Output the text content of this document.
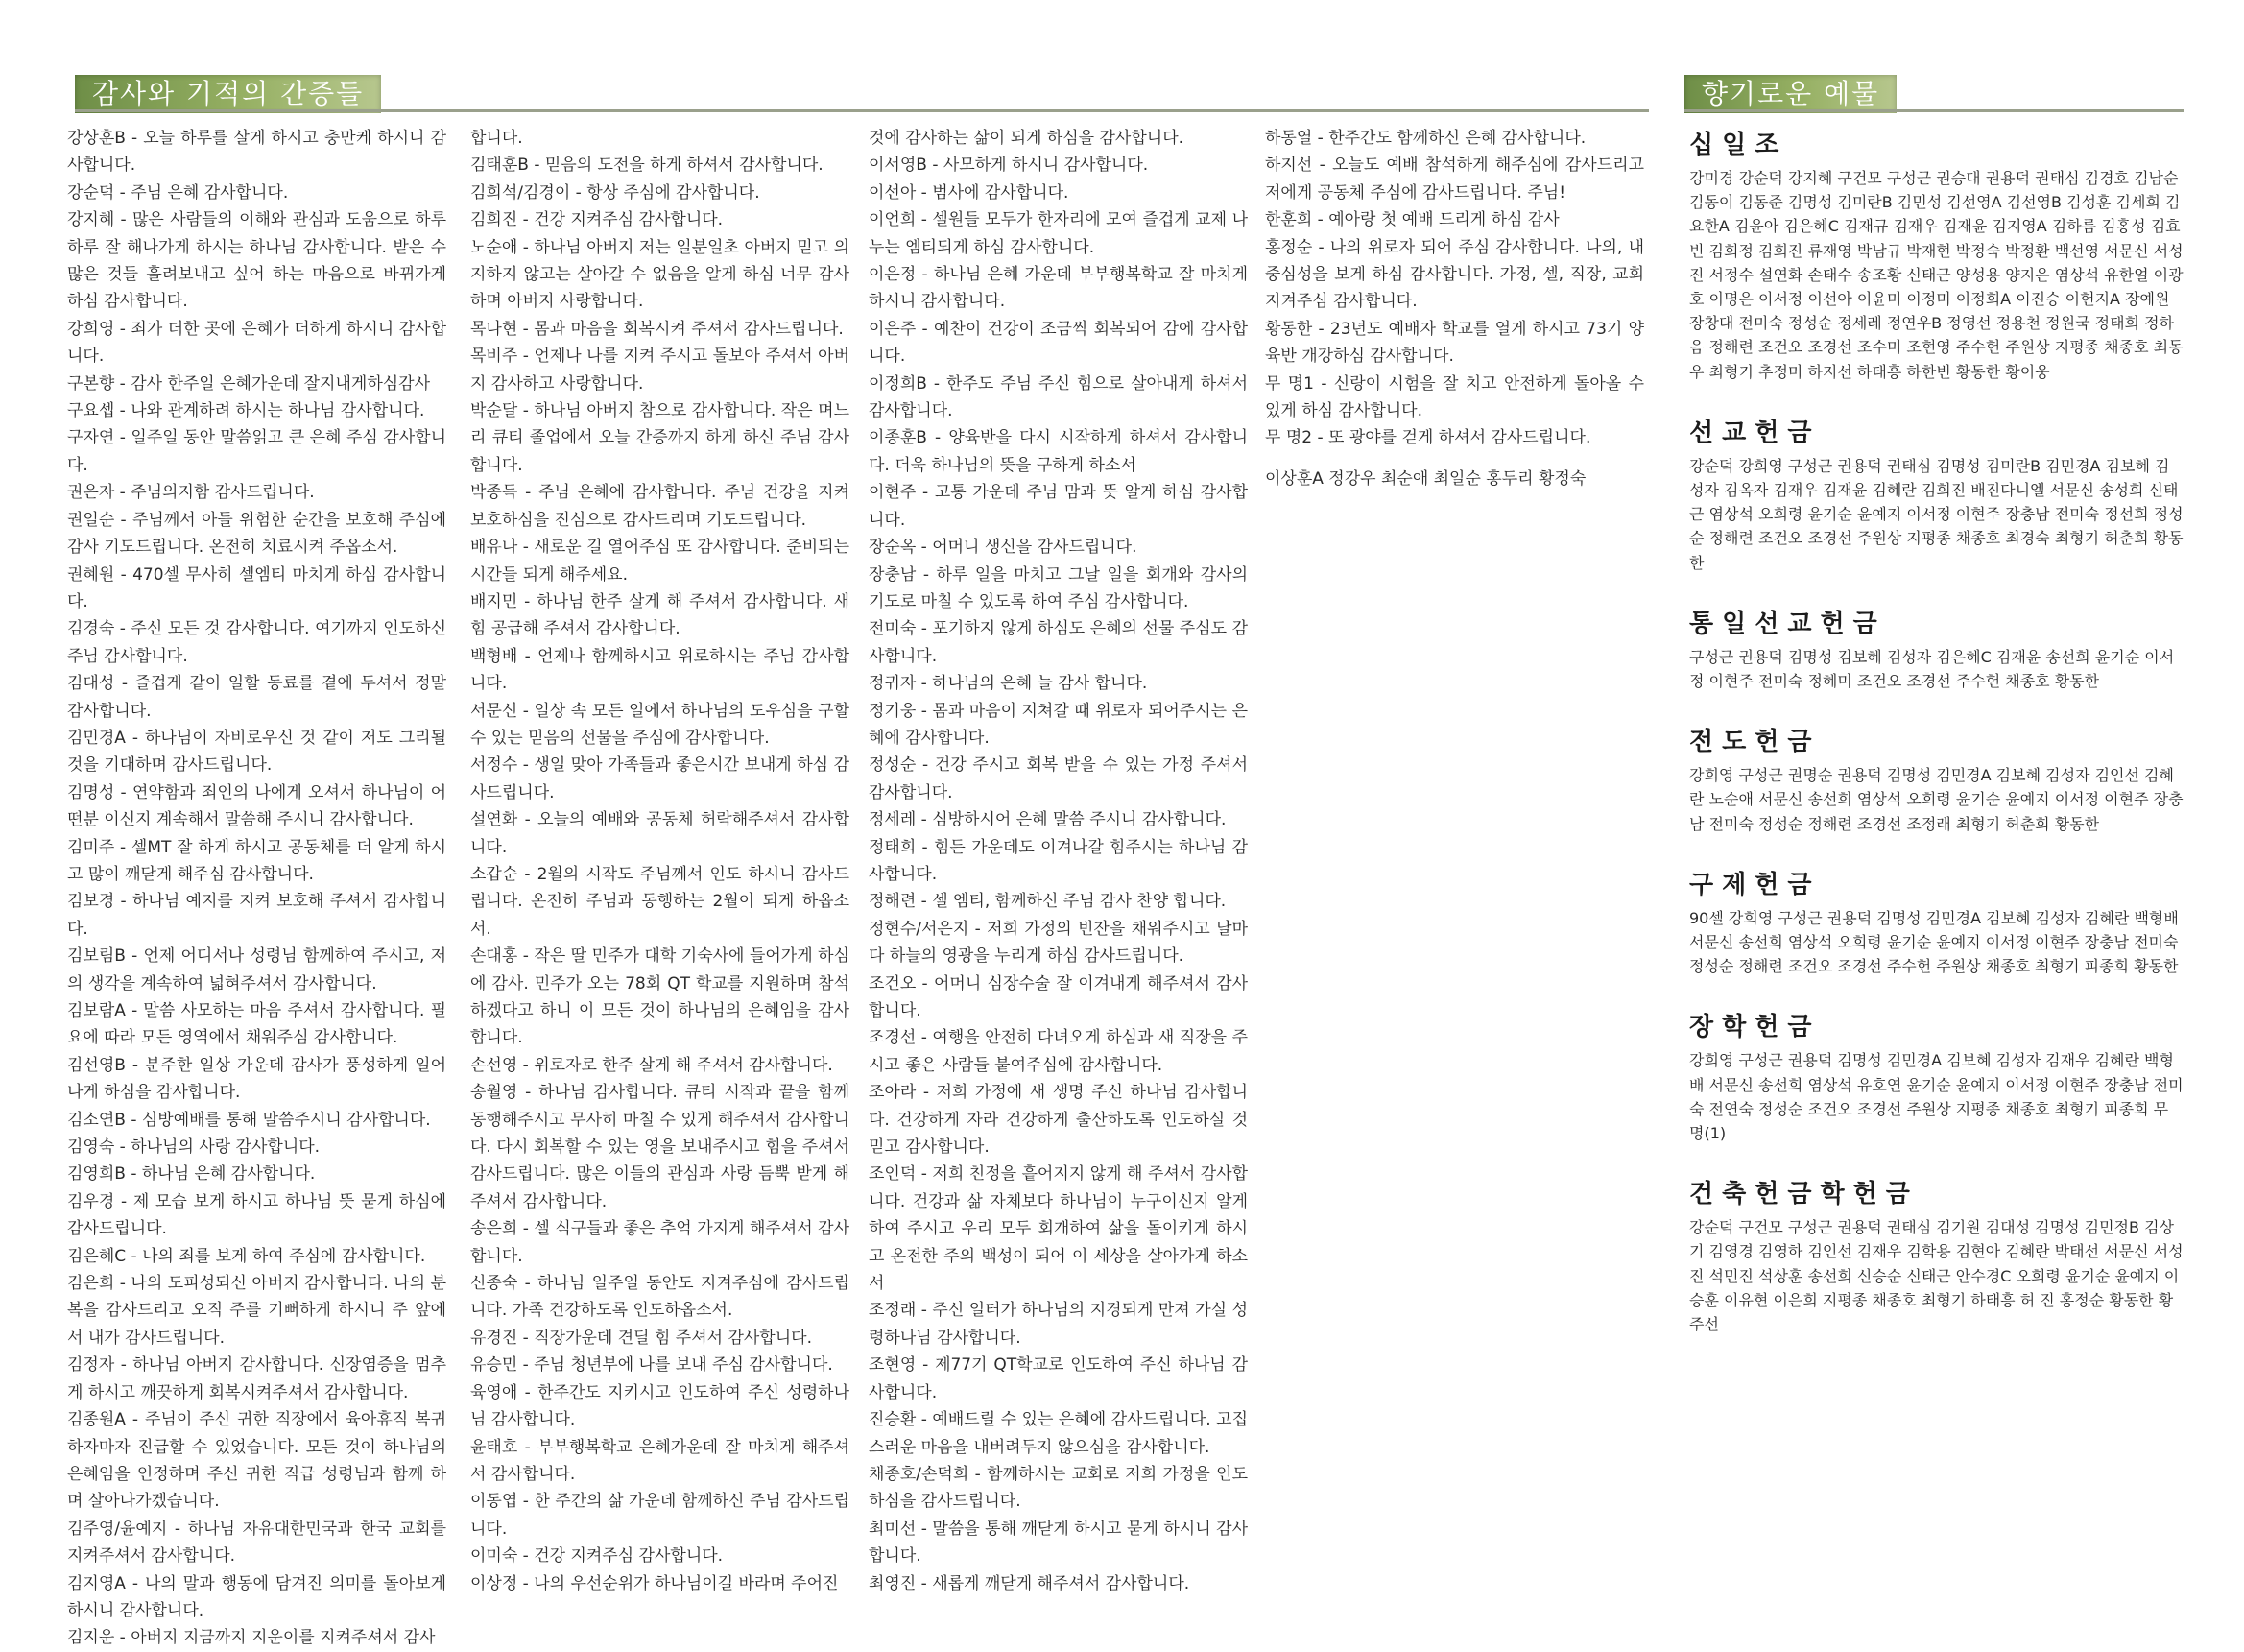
감사와 기적의 간증들	향기로운 예물

강상훈B - 오늘 하루를 살게 하시고 충만케 하시니 감사합니다.

강순덕 - 주님 은혜 감사합니다.

강지혜 - 많은 사람들의 이해와 관심과 도움으로 하루하루 잘 해나가게 하시는 하나님 감사합니다. 받은 수많은 것들 흘려보내고 싶어 하는 마음으로 바뀌가게 하심 감사합니다.

강희영 - 죄가 더한 곳에 은혜가 더하게 하시니 감사합니다.

구본향 - 감사 한주일 은혜가운데 잘지내게하심감사

구요셉 - 나와 관계하려 하시는 하나님 감사합니다.

구자연 - 일주일 동안 말씀읽고 큰 은혜 주심 감사합니다.

권은자 - 주님의지함 감사드립니다.

권일순 - 주님께서 아들 위험한 순간을 보호해 주심에 감사 기도드립니다. 온전히 치료시켜 주옵소서.

권혜원 - 470셀 무사히 셀엠티 마치게 하심 감사합니다.

김경숙 - 주신 모든 것 감사합니다. 여기까지 인도하신 주님 감사합니다.

김대성 - 즐겁게 같이 일할 동료를 곁에 두셔서 정말 감사합니다.

김민경A - 하나님이 자비로우신 것 같이 저도 그리될 것을 기대하며 감사드립니다.

김명성 - 연약함과 죄인의 나에게 오셔서 하나님이 어떤분 이신지 계속해서 말씀해 주시니 감사합니다.

김미주 - 셀MT 잘 하게 하시고 공동체를 더 알게 하시고 많이 깨닫게 해주심 감사합니다.

김보경 - 하나님 예지를 지켜 보호해 주셔서 감사합니다.

김보림B - 언제 어디서나 성령님 함께하여 주시고, 저의 생각을 계속하여 넓혀주셔서 감사합니다.

김보람A - 말씀 사모하는 마음 주셔서 감사합니다. 필요에 따라 모든 영역에서 채워주심 감사합니다.

김선영B - 분주한 일상 가운데 감사가 풍성하게 일어나게 하심을 감사합니다.

김소연B - 심방예배를 통해 말씀주시니 감사합니다.

김영숙 - 하나님의 사랑 감사합니다.

김영희B - 하나님 은혜 감사합니다.

김우경 - 제 모습 보게 하시고 하나님 뜻 묻게 하심에 감사드립니다.

김은혜C - 나의 죄를 보게 하여 주심에 감사합니다.

김은희 - 나의 도피성되신 아버지 감사합니다. 나의 분복을 감사드리고 오직 주를 기뻐하게 하시니 주 앞에서 내가 감사드립니다.

김정자 - 하나님 아버지 감사합니다. 신장염증을 멈추게 하시고 깨끗하게 회복시켜주셔서 감사합니다.

김종원A - 주님이 주신 귀한 직장에서 육아휴직 복귀하자마자 진급할 수 있었습니다. 모든 것이 하나님의 은혜임을 인정하며 주신 귀한 직급 성령님과 함께 하며 살아나가겠습니다.

김주영/윤예지 - 하나님 자유대한민국과 한국 교회를 지켜주셔서 감사합니다.

김지영A - 나의 말과 행동에 담겨진 의미를 돌아보게 하시니 감사합니다.

김지운 - 아버지 지금까지 지운이를 지켜주셔서 감사

합니다.

김태훈B - 믿음의 도전을 하게 하셔서 감사합니다.

김희석/김경이 - 항상 주심에 감사합니다.

김희진 - 건강 지켜주심 감사합니다.

노순애 - 하나님 아버지 저는 일분일초 아버지 믿고 의지하지 않고는 살아갈 수 없음을 알게 하심 너무 감사하며 아버지 사랑합니다.

목나현 - 몸과 마음을 회복시켜 주셔서 감사드립니다.

목비주 - 언제나 나를 지켜 주시고 돌보아 주셔서 아버지 감사하고 사랑합니다.

박순달 - 하나님 아버지 참으로 감사합니다. 작은 며느리 큐티 졸업에서 오늘 간증까지 하게 하신 주님 감사합니다.

박종득 - 주님 은혜에 감사합니다. 주님 건강을 지켜 보호하심을 진심으로 감사드리며 기도드립니다.

배유나 - 새로운 길 열어주심 또 감사합니다. 준비되는 시간들 되게 해주세요.

배지민 - 하나님 한주 살게 해 주셔서 감사합니다. 새 힘 공급해 주셔서 감사합니다.

백형배 - 언제나 함께하시고 위로하시는 주님 감사합니다.

서문신 - 일상 속 모든 일에서 하나님의 도우심을 구할 수 있는 믿음의 선물을 주심에 감사합니다.

서정수 - 생일 맞아 가족들과 좋은시간 보내게 하심 감사드립니다.

설연화 - 오늘의 예배와 공동체 허락해주셔서 감사합니다.

소갑순 - 2월의 시작도 주님께서 인도 하시니 감사드립니다. 온전히 주님과 동행하는 2월이 되게 하옵소서.

손대홍 - 작은 딸 민주가 대학 기숙사에 들어가게 하심에 감사. 민주가 오는 78회 QT 학교를 지원하며 참석하겠다고 하니 이 모든 것이 하나님의 은혜임을 감사합니다.

손선영 - 위로자로 한주 살게 해 주셔서 감사합니다.

송월영 - 하나님 감사합니다. 큐티 시작과 끝을 함께 동행해주시고 무사히 마칠 수 있게 해주셔서 감사합니다. 다시 회복할 수 있는 영을 보내주시고 힘을 주셔서 감사드립니다. 많은 이들의 관심과 사랑 듬뿍 받게 해주셔서 감사합니다.

송은희 - 셀 식구들과 좋은 추억 가지게 해주셔서 감사합니다.

신종숙 - 하나님 일주일 동안도 지켜주심에 감사드립니다. 가족 건강하도록 인도하옵소서.

유경진 - 직장가운데 견딜 힘 주셔서 감사합니다.

유승민 - 주님 청년부에 나를 보내 주심 감사합니다.

육영애 - 한주간도 지키시고 인도하여 주신 성령하나님 감사합니다.

윤태호 - 부부행복학교 은혜가운데 잘 마치게 해주셔서 감사합니다.

이동엽 - 한 주간의 삶 가운데 함께하신 주님 감사드립니다.

이미숙 - 건강 지켜주심 감사합니다.

이상정 - 나의 우선순위가 하나님이길 바라며 주어진

것에 감사하는 삶이 되게 하심을 감사합니다.

이서영B - 사모하게 하시니 감사합니다.

이선아 - 범사에 감사합니다.

이언희 - 셀원들 모두가 한자리에 모여 즐겁게 교제 나누는 엠티되게 하심 감사합니다.

이은정 - 하나님 은혜 가운데 부부행복학교 잘 마치게 하시니 감사합니다.

이은주 - 예찬이 건강이 조금씩 회복되어 감에 감사합니다.

이정희B - 한주도 주님 주신 힘으로 살아내게 하셔서 감사합니다.

이종훈B - 양육반을 다시 시작하게 하셔서 감사합니다. 더욱 하나님의 뜻을 구하게 하소서

이현주 - 고통 가운데 주님 맘과 뜻 알게 하심 감사합니다.

장순옥 - 어머니 생신을 감사드립니다.

장충남 - 하루 일을 마치고 그날 일을 회개와 감사의 기도로 마칠 수 있도록 하여 주심 감사합니다.

전미숙 - 포기하지 않게 하심도 은혜의 선물 주심도 감사합니다.

정귀자 - 하나님의 은혜 늘 감사 합니다.

정기웅 - 몸과 마음이 지쳐갈 때 위로자 되어주시는 은혜에 감사합니다.

정성순 - 건강 주시고 회복 받을 수 있는 가정 주셔서 감사합니다.

정세레 - 심방하시어 은혜 말씀 주시니 감사합니다.

정태희 - 힘든 가운데도 이겨나갈 힘주시는 하나님 감사합니다.

정해련 - 셀 엠티, 함께하신 주님 감사 찬양 합니다.

정현수/서은지 - 저희 가정의 빈잔을 채워주시고 날마다 하늘의 영광을 누리게 하심 감사드립니다.

조건오 - 어머니 심장수술 잘 이겨내게 해주셔서 감사합니다.

조경선 - 여행을 안전히 다녀오게 하심과 새 직장을 주시고 좋은 사람들 붙여주심에 감사합니다.

조아라 - 저희 가정에 새 생명 주신 하나님 감사합니다. 건강하게 자라 건강하게 출산하도록 인도하실 것 믿고 감사합니다.

조인덕 - 저희 친정을 흩어지지 않게 해 주셔서 감사합니다. 건강과 삶 자체보다 하나님이 누구이신지 알게하여 주시고 우리 모두 회개하여 삶을 돌이키게 하시고 온전한 주의 백성이 되어 이 세상을 살아가게 하소서

조정래 - 주신 일터가 하나님의 지경되게 만져 가실 성령하나님 감사합니다.

조현영 - 제77기 QT학교로 인도하여 주신 하나님 감사합니다.

진승환 - 예배드릴 수 있는 은혜에 감사드립니다. 고집스러운 마음을 내버려두지 않으심을 감사합니다.

채종호/손덕희 - 함께하시는 교회로 저희 가정을 인도하심을 감사드립니다.

최미선 - 말씀을 통해 깨닫게 하시고 묻게 하시니 감사합니다.

최영진 - 새롭게 깨닫게 해주셔서 감사합니다.

하동열 - 한주간도 함께하신 은혜 감사합니다.

하지선 - 오늘도 예배 참석하게 해주심에 감사드리고 저에게 공동체 주심에 감사드립니다. 주님!

한훈희 - 예아랑 첫 예배 드리게 하심 감사

홍정순 - 나의 위로자 되어 주심 감사합니다. 나의, 내 중심성을 보게 하심 감사합니다. 가정, 셀, 직장, 교회 지켜주심 감사합니다.

황동한 - 23년도 예배자 학교를 열게 하시고 73기 양육반 개강하심 감사합니다.

무 명1 - 신랑이 시험을 잘 치고 안전하게 돌아올 수 있게 하심 감사합니다.

무 명2 - 또 광야를 걷게 하셔서 감사드립니다.

이상훈A 정강우 최순애 최일순 홍두리 황정숙

십일조
강미경 강순덕 강지혜 구건모 구성근 권승대 권용덕 권태심 김경호 김남순 김동이 김동준 김명성 김미란B 김민성 김선영A 김선영B 김성훈 김세희 김요한A 김윤아 김은혜C 김재규 김재우 김재윤 김지영A 김하름 김홍성 김효빈 김희정 김희진 류재영 박남규 박재현 박정숙 박정환 백선영 서문신 서성진 서정수 설연화 손태수 송조황 신태근 양성용 양지은 염상석 유한얼 이광호 이명은 이서정 이선아 이윤미 이정미 이정희A 이진승 이헌지A 장예원 장창대 전미숙 정성순 정세레 정연우B 정영선 정용천 정원국 정태희 정하음 정해련 조건오 조경선 조수미 조현영 주수헌 주원상 지평종 채종호 최동우 최형기 추정미 하지선 하태흥 하한빈 황동한 황이웅
선교헌금
강순덕 강희영 구성근 권용덕 권태심 김명성 김미란B 김민경A 김보혜 김성자 김옥자 김재우 김재윤 김혜란 김희진 배진다니엘 서문신 송성희 신태근 염상석 오희령 윤기순 윤예지 이서정 이현주 장충남 전미숙 정선희 정성순 정해련 조건오 조경선 주원상 지평종 채종호 최경숙 최형기 허춘희 황동한
통일선교헌금
구성근 권용덕 김명성 김보혜 김성자 김은혜C 김재윤 송선희 윤기순 이서정 이현주 전미숙 정혜미 조건오 조경선 주수헌 채종호 황동한
전도헌금
강희영 구성근 권명순 권용덕 김명성 김민경A 김보혜 김성자 김인선 김혜란 노순애 서문신 송선희 염상석 오희령 윤기순 윤예지 이서정 이현주 장충남 전미숙 정성순 정해련 조경선 조정래 최형기 허춘희 황동한
구제헌금
90셀 강희영 구성근 권용덕 김명성 김민경A 김보혜 김성자 김혜란 백형배 서문신 송선희 염상석 오희령 윤기순 윤예지 이서정 이현주 장충남 전미숙 정성순 정해련 조건오 조경선 주수헌 주원상 채종호 최형기 피종희 황동한
장학헌금
강희영 구성근 권용덕 김명성 김민경A 김보혜 김성자 김재우 김혜란 백형배 서문신 송선희 염상석 유호연 윤기순 윤예지 이서정 이현주 장충남 전미숙 전연숙 정성순 조건오 조경선 주원상 지평종 채종호 최형기 피종희 무 명(1)
건축헌금학헌금
강순덕 구건모 구성근 권용덕 권태심 김기원 김대성 김명성 김민정B 김상기 김영경 김영하 김인선 김재우 김학용 김현아 김혜란 박태선 서문신 서성진 석민진 석상훈 송선희 신승순 신태근 안수경C 오희령 윤기순 윤예지 이승훈 이유현 이은희 지평종 채종호 최형기 하태흥 허 진 홍정순 황동한 황주선
